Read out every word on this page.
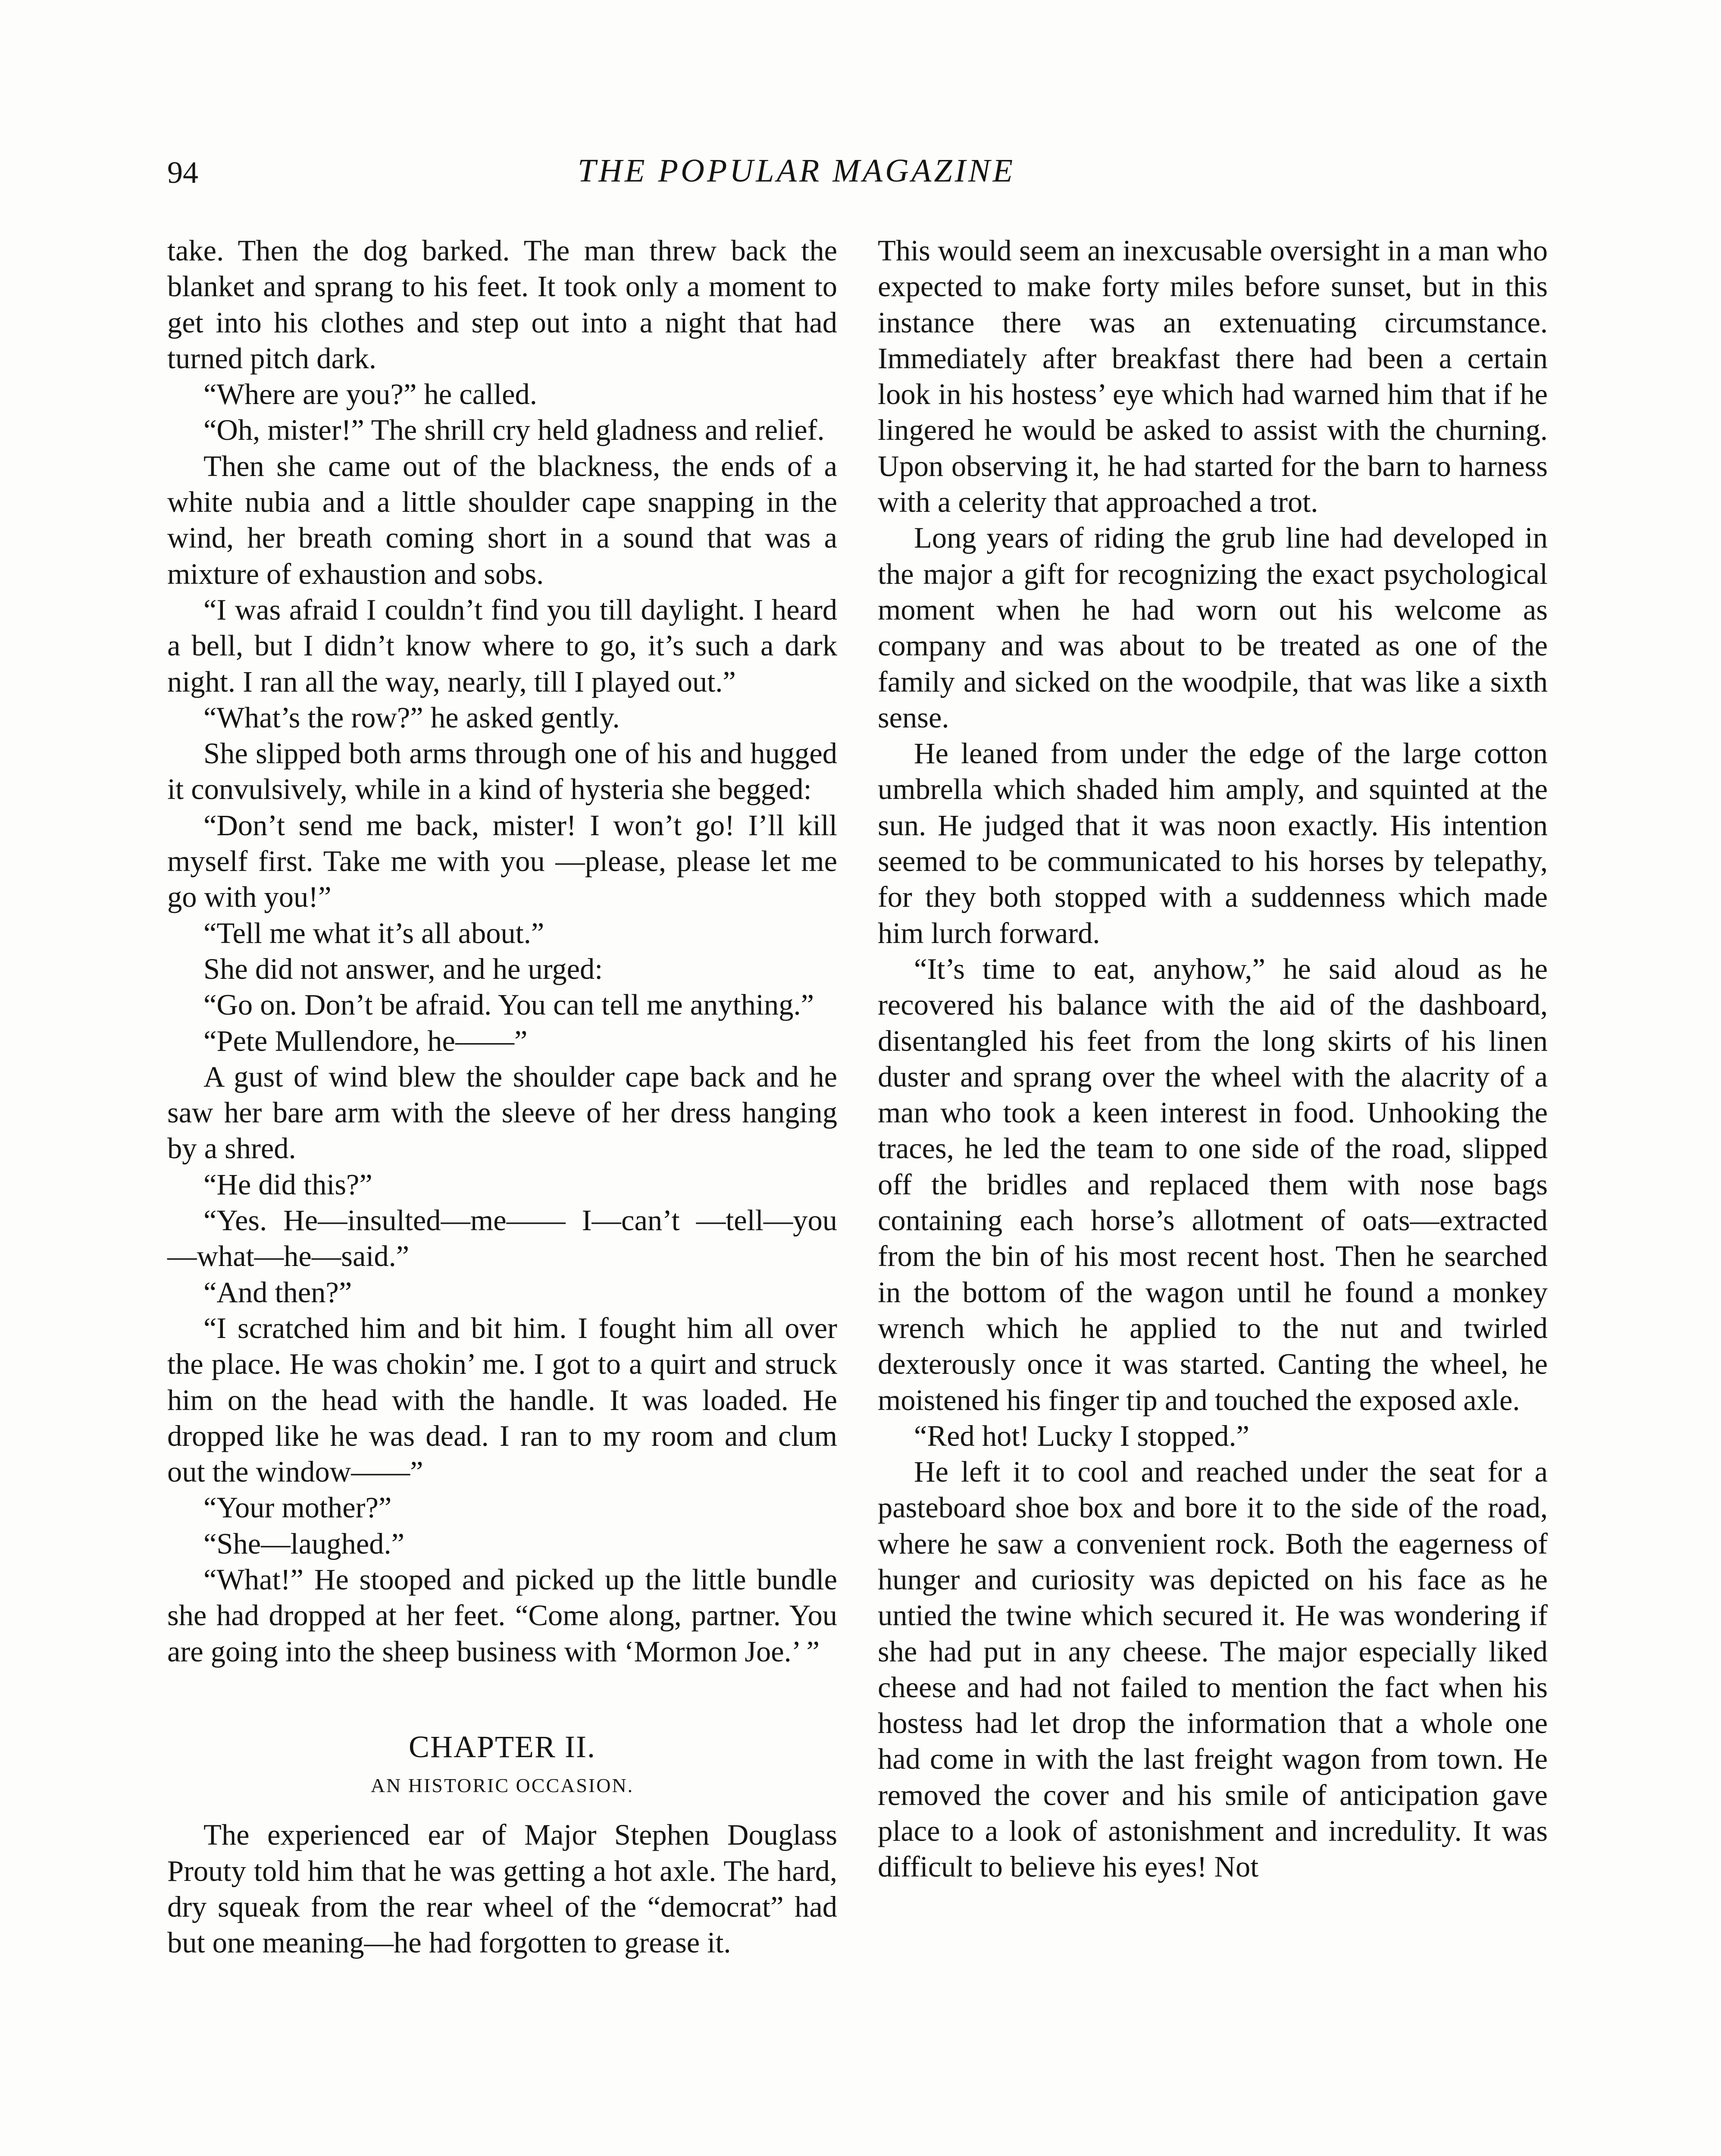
94	THE POPULAR MAGAZINE

take. Then the dog barked. The man threw back the blanket and sprang to his feet. It took only a moment to get into his clothes and step out into a night that had turned pitch dark.

“Where are you?” he called.

“Oh, mister!” The shrill cry held gladness and relief.

Then she came out of the blackness, the ends of a white nubia and a little shoulder cape snapping in the wind, her breath coming short in a sound that was a mixture of exhaustion and sobs.

“I was afraid I couldn’t find you till daylight. I heard a bell, but I didn’t know where to go, it’s such a dark night. I ran all the way, nearly, till I played out.”

“What’s the row?” he asked gently.

She slipped both arms through one of his and hugged it convulsively, while in a kind of hysteria she begged:

“Don’t send me back, mister! I won’t go! I’ll kill myself first. Take me with you —please, please let me go with you!”

“Tell me what it’s all about.”

She did not answer, and he urged:

“Go on. Don’t be afraid. You can tell me anything.”

“Pete Mullendore, he——”

A gust of wind blew the shoulder cape back and he saw her bare arm with the sleeve of her dress hanging by a shred.

“He did this?”

“Yes. He—insulted—me—— I—can’t —tell—you—what—he—said.”

“And then?”

“I scratched him and bit him. I fought him all over the place. He was chokin’ me. I got to a quirt and struck him on the head with the handle. It was loaded. He dropped like he was dead. I ran to my room and clum out the window——”

“Your mother?”

“She—laughed.”

“What!” He stooped and picked up the little bundle she had dropped at her feet. “Come along, partner. You are going into the sheep business with ‘Mormon Joe.’ ”

CHAPTER II.

AN HISTORIC OCCASION.

The experienced ear of Major Stephen Douglass Prouty told him that he was getting a hot axle. The hard, dry squeak from the rear wheel of the “democrat” had but one meaning—he had forgotten to grease it.

This would seem an inexcusable oversight in a man who expected to make forty miles before sunset, but in this instance there was an extenuating circumstance. Immediately after breakfast there had been a certain look in his hostess’ eye which had warned him that if he lingered he would be asked to assist with the churning. Upon observing it, he had started for the barn to harness with a celerity that approached a trot.

Long years of riding the grub line had developed in the major a gift for recognizing the exact psychological moment when he had worn out his welcome as company and was about to be treated as one of the family and sicked on the woodpile, that was like a sixth sense.

He leaned from under the edge of the large cotton umbrella which shaded him amply, and squinted at the sun. He judged that it was noon exactly. His intention seemed to be communicated to his horses by telepathy, for they both stopped with a suddenness which made him lurch forward.

“It’s time to eat, anyhow,” he said aloud as he recovered his balance with the aid of the dashboard, disentangled his feet from the long skirts of his linen duster and sprang over the wheel with the alacrity of a man who took a keen interest in food. Unhooking the traces, he led the team to one side of the road, slipped off the bridles and replaced them with nose bags containing each horse’s allotment of oats—extracted from the bin of his most recent host. Then he searched in the bottom of the wagon until he found a monkey wrench which he applied to the nut and twirled dexterously once it was started. Canting the wheel, he moistened his finger tip and touched the exposed axle.

“Red hot! Lucky I stopped.”

He left it to cool and reached under the seat for a pasteboard shoe box and bore it to the side of the road, where he saw a convenient rock. Both the eagerness of hunger and curiosity was depicted on his face as he untied the twine which secured it. He was wondering if she had put in any cheese. The major especially liked cheese and had not failed to mention the fact when his hostess had let drop the information that a whole one had come in with the last freight wagon from town. He removed the cover and his smile of anticipation gave place to a look of astonishment and incredulity. It was difficult to believe his eyes! Not
